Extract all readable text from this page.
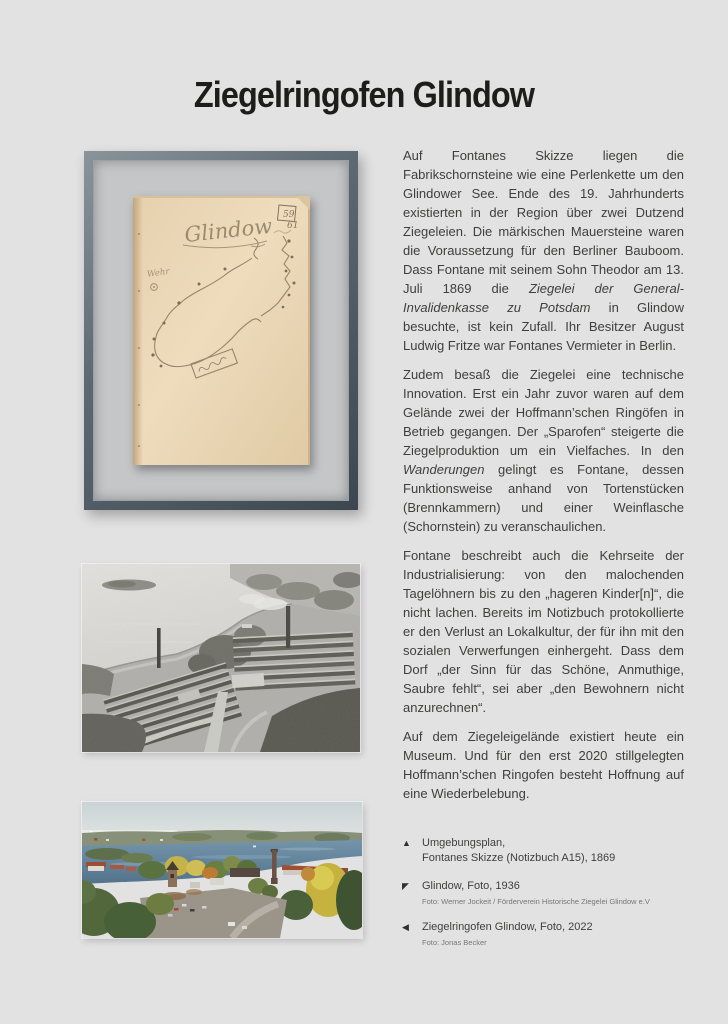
Ziegelringofen Glindow
Glindow 59
61
Wehr

Auf Fontanes Skizze liegen die Fabrikschornsteine wie eine Perlenkette um den Glindower See. Ende des 19. Jahrhunderts existierten in der Region über zwei Dutzend Ziegeleien. Die märkischen Mauersteine waren die Voraussetzung für den Berliner Bauboom. Dass Fontane mit seinem Sohn Theodor am 13. Juli 1869 die Ziegelei der General-Invalidenkasse zu Potsdam in Glindow besuchte, ist kein Zufall. Ihr Besitzer August Ludwig Fritze war Fontanes Vermieter in Berlin.

Zudem besaß die Ziegelei eine technische Innovation. Erst ein Jahr zuvor waren auf dem Gelände zwei der Hoffmann’schen Ringöfen in Betrieb gegangen. Der „Sparofen“ steigerte die Ziegelproduktion um ein Vielfaches. In den Wanderungen gelingt es Fontane, dessen Funktionsweise anhand von Tortenstücken (Brennkammern) und einer Weinflasche (Schornstein) zu veranschaulichen.

Fontane beschreibt auch die Kehrseite der Industrialisierung: von den malochenden Tagelöhnern bis zu den „hageren Kinder[n]“, die nicht lachen. Bereits im Notizbuch protokollierte er den Verlust an Lokalkultur, der für ihn mit den sozialen Verwerfungen einhergeht. Dass dem Dorf „der Sinn für das Schöne, Anmuthige, Saubre fehlt“, sei aber „den Bewohnern nicht anzurechnen“.

Auf dem Ziegeleigelände existiert heute ein Museum. Und für den erst 2020 stillgelegten Hoffmann’schen Ringofen besteht Hoffnung auf eine Wiederbelebung.

▲	Umgebungsplan,
Fontanes Skizze (Notizbuch A15), 1869
◤	Glindow, Foto, 1936
Foto: Werner Jockeit / Förderverein Historische Ziegelei Glindow e.V
◀	Ziegelringofen Glindow, Foto, 2022
Foto: Jonas Becker
